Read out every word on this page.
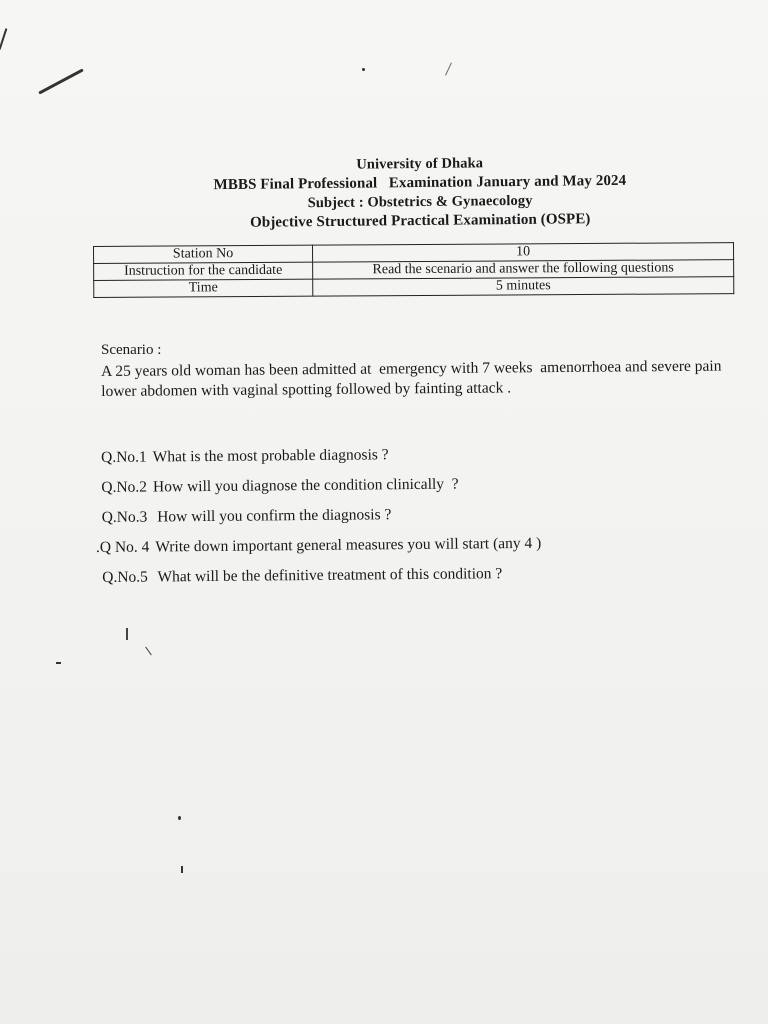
University of Dhaka
MBBS Final Professional   Examination January and May 2024
Subject : Obstetrics & Gynaecology
Objective Structured Practical Examination (OSPE)
Station No	10
Instruction for the candidate	Read the scenario and answer the following questions
Time	5 minutes
Scenario :
A 25 years old woman has been admitted at  emergency with 7 weeks  amenorrhoea and severe pain lower abdomen with vaginal spotting followed by fainting attack .
Q.No.1 What is the most probable diagnosis ?
Q.No.2 How will you diagnose the condition clinically  ?
Q.No.3 How will you confirm the diagnosis ?
.Q No. 4 Write down important general measures you will start (any 4 )
Q.No.5 What will be the definitive treatment of this condition ?
